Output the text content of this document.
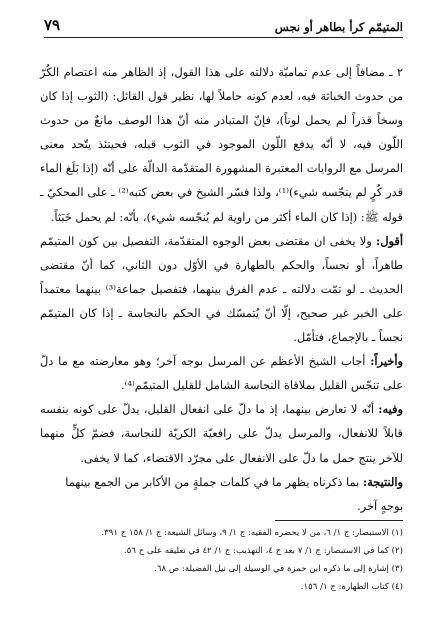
المتيمّم كرأ بطاهر أو نجس
٧٩

٢ ـ مضافاً إلى عدم تماميّة دلالته على هذا القول، إذ الظاهر منه اعتصام الكُرّ من حدوث الخباثة فيه، لعدم كونه حاملاً لها، نظير قول القائل: (الثوب إذا كان وسخاً قذراً لم يحمل لوناً)، فإنّ المتبادر منه أنّ هذا الوصف مانعٌ من حدوث اللّون فيه، لا أنّه يدفع اللّون الموجود في الثوب قبله، فحينئذ يتّحد معنى المرسل مع الروايات المعتبرة المشهورة المتقدّمة الدالّة على أنّه (إذا بَلَغ الماء قدر كُرٍ لم ينجّسه شيء)⁽¹⁾، ولذا فسّر الشيخ في بعض كتبه⁽²⁾ ـ على المحكيّ ـ قوله ﷺ: (إذا كان الماء أكثر من راوية لم يُنجّسه شيء)، بأنّه: لم يحمل خَبَثاً.

أقول: ولا يخفى ان مقتضى بعض الوجوه المتقدّمة، التفصيل بين كون المتيمّم طاهراً، أو نجساً، والحكم بالطهارة في الأوّل دون الثاني، كما أنّ مقتضى الحديث ـ لو تمّت دلالته ـ عدم الفرق بينهما، فتفصيل جماعة⁽³⁾ بينهما معتمداً على الخبر غير صحيح، إلّا أنّ يُتمسّك في الحكم بالنجاسة ـ إذا كان المتيمّم نجساً ـ بالإجماع، فتأمّل.

وأخيراً: أجاب الشيخ الأعظم عن المرسل بوجه آخر؛ وهو معارضته مع ما دلّ على تنجّس القليل بملاقاة النجاسة الشامل للقليل المتيمّم⁽⁴⁾.

وفيه: أنّه لا تعارض بينهما، إذ ما دلّ على انفعال القليل، يدلّ على كونه بنفسه قابلاً للانفعال، والمرسل يدلّ على رافعيّة الكريّة للنجاسة، فضمّ كلٍّ منهما للآخر ينتج حمل ما دلّ على الانفعال على مجرّد الاقتضاء، كما لا يخفى.

والنتيجة: بما ذكرناه يظهر ما في كلمات جملةٍ من الأكابر من الجمع بينهما بوجهٍ آخر.

(١) الاستبصار: ج ١/ ٦، من لا يحضره الفقيه: ج ١/ ٩، وسائل الشيعة: ج ١/ ١٥٨ ح ٣٩١.

(٢) كما في الاستبصار: ج ١/ ٧ بعد ح ٤، التهذيب: ج ١/ ٤٢ في تعليقه على ح ٥٦.

(٣) إشارة إلى ما ذكره ابن حمزة في الوسيلة إلى نيل الفضيلة: ص ٦٨.

(٤) كتاب الطهارة: ج ١/ ١٥٦.
